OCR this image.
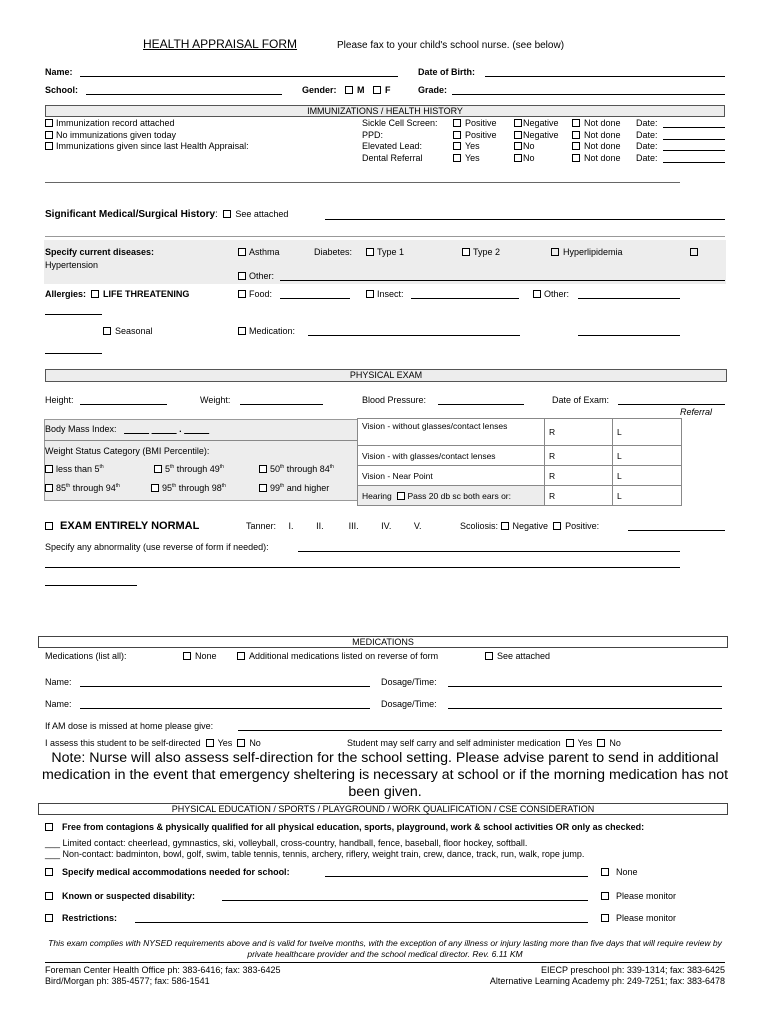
HEALTH APPRAISAL FORM	Please fax to your child's school nurse. (see below)
Name:	Date of Birth:
School:	Gender: M F	Grade:
IMMUNIZATIONS / HEALTH HISTORY
Immunization record attached
No immunizations given today
Immunizations given since last Health Appraisal:
Sickle Cell Screen:	Positive	Negative	Not done Date:
PPD:	Positive	Negative	Not done Date:
Elevated Lead:	Yes	No	Not done Date:
Dental Referral	Yes	No	Not done Date:
Significant Medical/Surgical History:  See attached
Specify current diseases:
Hypertension
Asthma	Diabetes:	Type 1	Type 2	Hyperlipidemia
Other:
Allergies: LIFE THREATENING	Food:	Insect:	Other:
Seasonal	Medication:
PHYSICAL EXAM
Height:	Weight:	Blood Pressure:	Date of Exam:
Referral
Body Mass Index:	.
Weight Status Category (BMI Percentile):
less than 5th	5th through 49th	50th through 84th
85th through 94th	95th through 98th	99th and higher
Vision - without glasses/contact lenses	R	L
Vision - with glasses/contact lenses	R	L
Vision - Near Point	R	L
Hearing Pass 20 db sc both ears or:	R	L
EXAM ENTIRELY NORMAL	Tanner: I.	II.	III.	IV.	V.	Scoliosis: Negative Positive:
Specify any abnormality (use reverse of form if needed):
MEDICATIONS
Medications (list all):	None	Additional medications listed on reverse of form	See attached
Name:	Dosage/Time:
Name:	Dosage/Time:
If AM dose is missed at home please give:
I assess this student to be self-directed Yes No	Student may self carry and self administer medication Yes No
Note: Nurse will also assess self-direction for the school setting. Please advise parent to send in additional medication in the event that emergency sheltering is necessary at school or if the morning medication has not been given.
PHYSICAL EDUCATION / SPORTS / PLAYGROUND / WORK QUALIFICATION / CSE CONSIDERATION
Free from contagions & physically qualified for all physical education, sports, playground, work & school activities OR only as checked:
___ Limited contact: cheerlead, gymnastics, ski, volleyball, cross-country, handball, fence, baseball, floor hockey, softball.
___ Non-contact: badminton, bowl, golf, swim, table tennis, tennis, archery, riflery, weight train, crew, dance, track, run, walk, rope jump.
Specify medical accommodations needed for school:	None
Known or suspected disability:	Please monitor
Restrictions:	Please monitor
This exam complies with NYSED requirements above and is valid for twelve months, with the exception of any illness or injury lasting more than five days that will require review by private healthcare provider and the school medical director. Rev. 6.11 KM
Foreman Center Health Office ph: 383-6416; fax: 383-6425
Bird/Morgan ph: 385-4577; fax: 586-1541
EIECP preschool ph: 339-1314; fax: 383-6425
Alternative Learning Academy ph: 249-7251; fax: 383-6478
